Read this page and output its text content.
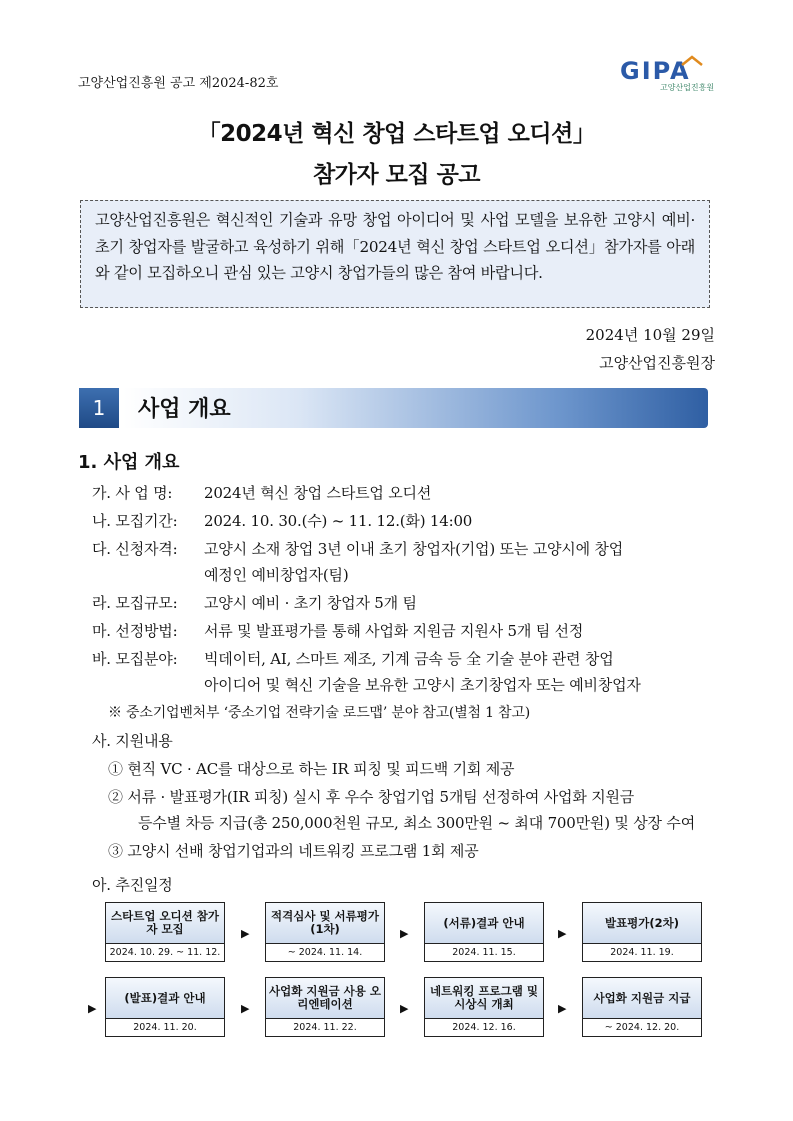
고양산업진흥원 공고 제2024-82호	GIPA
고양산업진흥원
「2024년 혁신 창업 스타트업 오디션」
참가자 모집 공고
고양산업진흥원은 혁신적인 기술과 유망 창업 아이디어 및 사업 모델을 보유한 고양시 예비·초기 창업자를 발굴하고 육성하기 위해「2024년 혁신 창업 스타트업 오디션」참가자를 아래와 같이 모집하오니 관심 있는 고양시 창업가들의 많은 참여 바랍니다.
2024년 10월 29일
고양산업진흥원장
1	사업 개요
1. 사업 개요
가. 사 업 명: 2024년 혁신 창업 스타트업 오디션
나. 모집기간: 2024. 10. 30.(수) ~ 11. 12.(화) 14:00
다. 신청자격: 고양시 소재 창업 3년 이내 초기 창업자(기업) 또는 고양시에 창업
예정인 예비창업자(팀)
라. 모집규모: 고양시 예비 · 초기 창업자 5개 팀
마. 선정방법: 서류 및 발표평가를 통해 사업화 지원금 지원사 5개 팀 선정
바. 모집분야: 빅데이터, AI, 스마트 제조, 기계 금속 등 全 기술 분야 관련 창업
아이디어 및 혁신 기술을 보유한 고양시 초기창업자 또는 예비창업자
※ 중소기업벤처부 ‘중소기업 전략기술 로드맵’ 분야 참고(별첨 1 참고)
사. 지원내용
① 현직 VC · AC를 대상으로 하는 IR 피칭 및 피드백 기회 제공
② 서류 · 발표평가(IR 피칭) 실시 후 우수 창업기업 5개팀 선정하여 사업화 지원금
등수별 차등 지급(총 250,000천원 규모, 최소 300만원 ~ 최대 700만원) 및 상장 수여
③ 고양시 선배 창업기업과의 네트워킹 프로그램 1회 제공
아. 추진일정
스타트업 오디션 참가자 모집
2024. 10. 29. ~ 11. 12.
▶
적격심사 및 서류평가(1차)
~ 2024. 11. 14.
▶
(서류)결과 안내
2024. 11. 15.
▶
발표평가(2차)
2024. 11. 19.
▶
(발표)결과 안내
2024. 11. 20.
▶
사업화 지원금 사용 오리엔테이션
2024. 11. 22.
▶
네트워킹 프로그램 및 시상식 개최
2024. 12. 16.
▶
사업화 지원금 지급
~ 2024. 12. 20.
